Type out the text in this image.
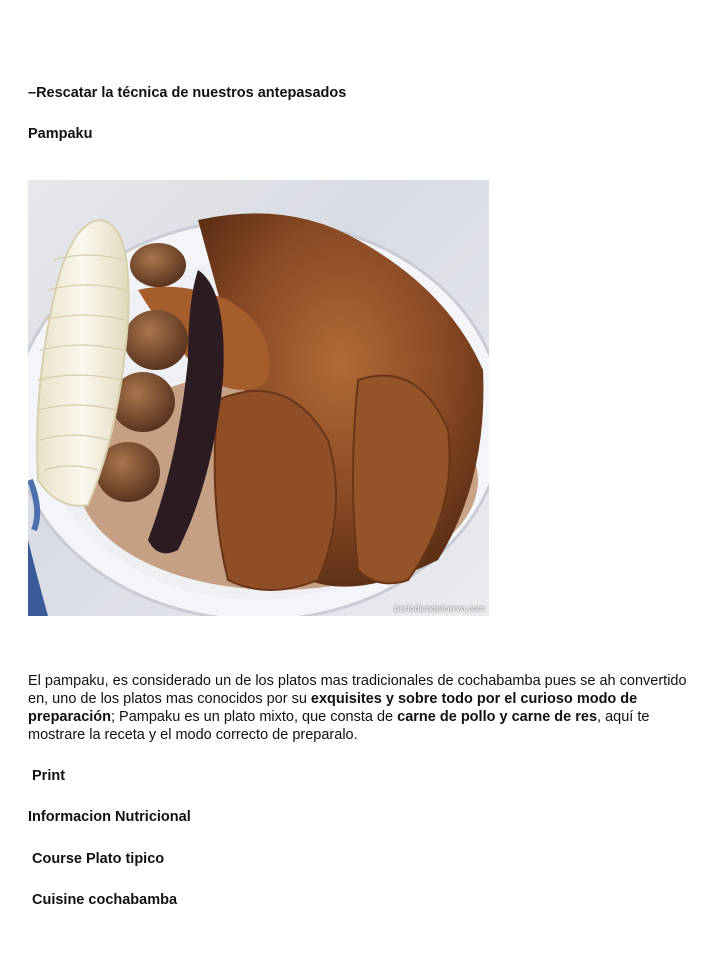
–Rescatar la técnica de nuestros antepasados
Pampaku
periodicodelcervo.com
El pampaku, es considerado un de los platos mas tradicionales de cochabamba pues se ah convertido en, uno de los platos mas conocidos por su exquisites y sobre todo por el curioso modo de preparación; Pampaku es un plato mixto, que consta de carne de pollo y carne de res, aquí te mostrare la receta y el modo correcto de preparalo.
Print
Informacion Nutricional
Course Plato tipico
Cuisine cochabamba
